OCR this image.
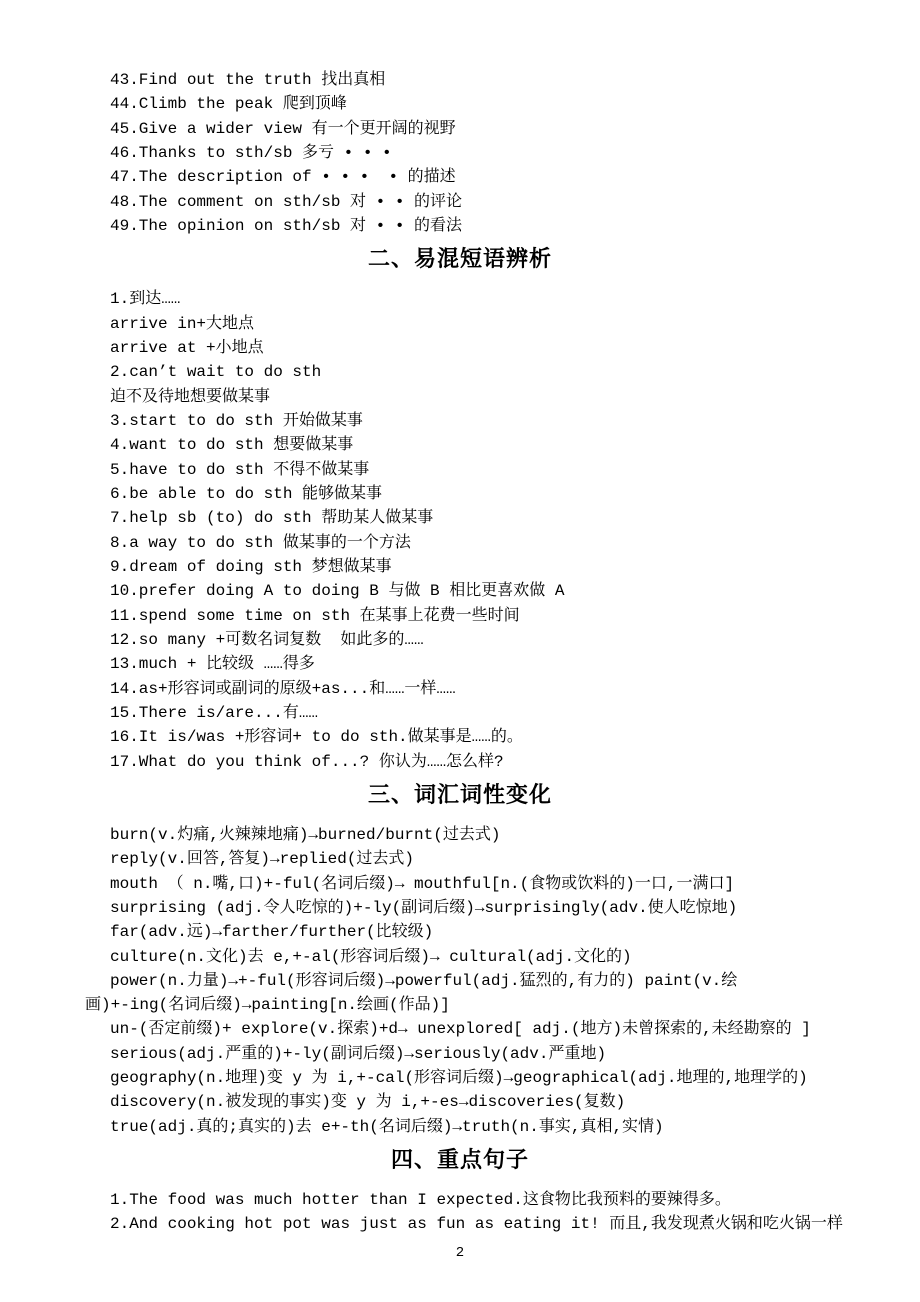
43.Find out the truth 找出真相
44.Climb the peak 爬到顶峰
45.Give a wider view 有一个更开阔的视野
46.Thanks to sth/sb 多亏 • • •
47.The description of • • •  • 的描述
48.The comment on sth/sb 对 • • 的评论
49.The opinion on sth/sb 对 • • 的看法
二、易混短语辨析
1.到达……
arrive in+大地点
arrive at +小地点
2.can’t wait to do sth
迫不及待地想要做某事
3.start to do sth 开始做某事
4.want to do sth 想要做某事
5.have to do sth 不得不做某事
6.be able to do sth 能够做某事
7.help sb (to) do sth 帮助某人做某事
8.a way to do sth 做某事的一个方法
9.dream of doing sth 梦想做某事
10.prefer doing A to doing B 与做 B 相比更喜欢做 A
11.spend some time on sth 在某事上花费一些时间
12.so many +可数名词复数  如此多的……
13.much + 比较级 ……得多
14.as+形容词或副词的原级+as...和……一样……
15.There is/are...有……
16.It is/was +形容词+ to do sth.做某事是……的。
17.What do you think of...? 你认为……怎么样?
三、词汇词性变化
burn(v.灼痛,火辣辣地痛)→burned/burnt(过去式)
reply(v.回答,答复)→replied(过去式)
mouth （ n.嘴,口)+-ful(名词后缀)→ mouthful[n.(食物或饮料的)一口,一满口]
surprising (adj.令人吃惊的)+-ly(副词后缀)→surprisingly(adv.使人吃惊地)
far(adv.远)→farther/further(比较级)
culture(n.文化)去 e,+-al(形容词后缀)→ cultural(adj.文化的)
power(n.力量)→+-ful(形容词后缀)→powerful(adj.猛烈的,有力的) paint(v.绘
画)+-ing(名词后缀)→painting[n.绘画(作品)]
un-(否定前缀)+ explore(v.探索)+d→ unexplored[ adj.(地方)未曾探索的,未经勘察的 ]
serious(adj.严重的)+-ly(副词后缀)→seriously(adv.严重地)
geography(n.地理)变 y 为 i,+-cal(形容词后缀)→geographical(adj.地理的,地理学的)
discovery(n.被发现的事实)变 y 为 i,+-es→discoveries(复数)
true(adj.真的;真实的)去 e+-th(名词后缀)→truth(n.事实,真相,实情)
四、重点句子
1.The food was much hotter than I expected.这食物比我预料的要辣得多。
2.And cooking hot pot was just as fun as eating it! 而且,我发现煮火锅和吃火锅一样
2
